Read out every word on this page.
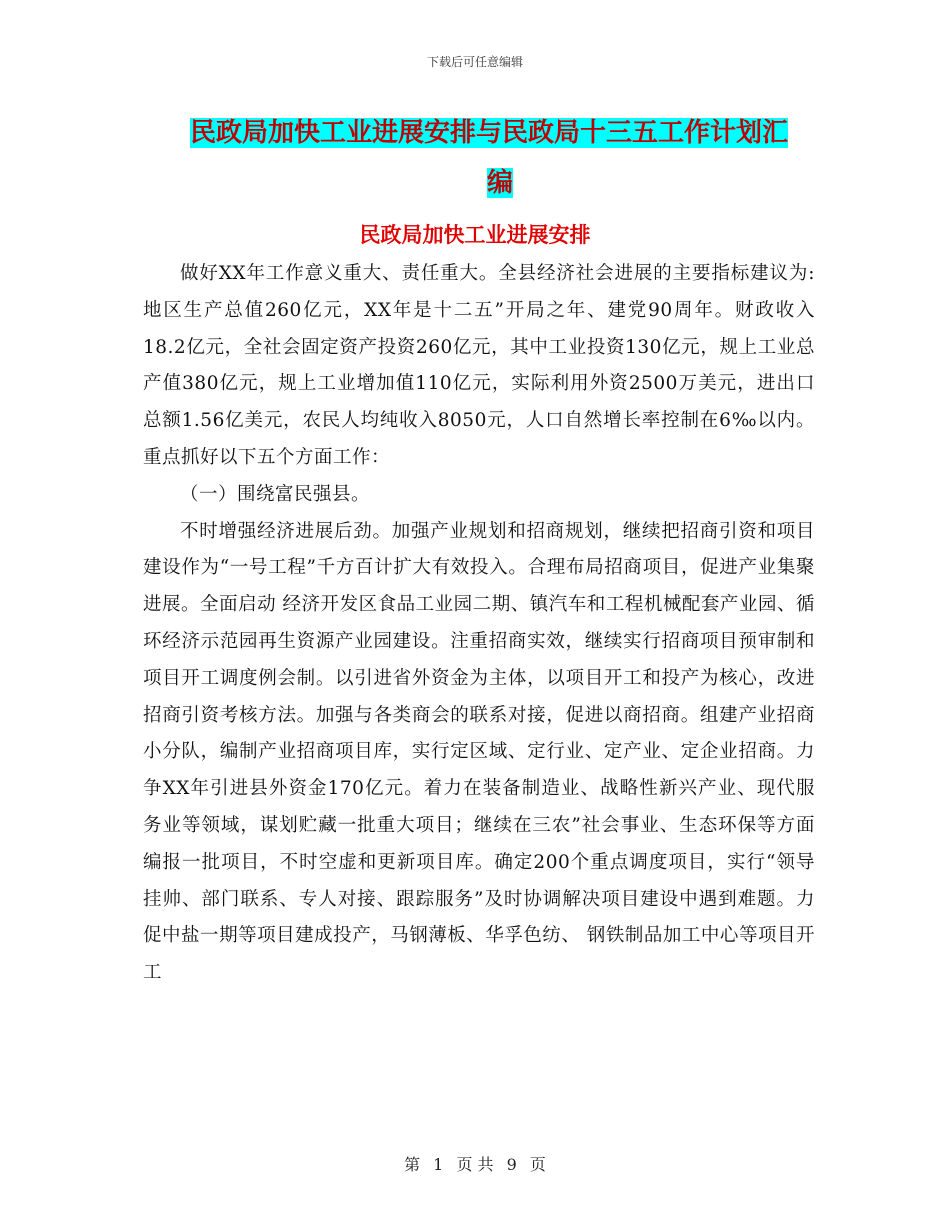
下载后可任意编辑
民政局加快工业进展安排与民政局十三五工作计划汇
编
民政局加快工业进展安排

做好XX年工作意义重大、责任重大。全县经济社会进展的主要指标建议为:地区生产总值260亿元，XX年是十二五”开局之年、建党90周年。财政收入18.2亿元，全社会固定资产投资260亿元，其中工业投资130亿元，规上工业总产值380亿元，规上工业增加值110亿元，实际利用外资2500万美元，进出口总额1.56亿美元，农民人均纯收入8050元，人口自然增长率控制在6‰以内。重点抓好以下五个方面工作：

（一）围绕富民强县。

不时增强经济进展后劲。加强产业规划和招商规划，继续把招商引资和项目建设作为“一号工程”千方百计扩大有效投入。合理布局招商项目，促进产业集聚进展。全面启动 经济开发区食品工业园二期、镇汽车和工程机械配套产业园、循环经济示范园再生资源产业园建设。注重招商实效，继续实行招商项目预审制和项目开工调度例会制。以引进省外资金为主体，以项目开工和投产为核心，改进招商引资考核方法。加强与各类商会的联系对接，促进以商招商。组建产业招商小分队，编制产业招商项目库，实行定区域、定行业、定产业、定企业招商。力争XX年引进县外资金170亿元。着力在装备制造业、战略性新兴产业、现代服务业等领域，谋划贮藏一批重大项目；继续在三农”社会事业、生态环保等方面编报一批项目，不时空虚和更新项目库。确定200个重点调度项目，实行“领导挂帅、部门联系、专人对接、跟踪服务”及时协调解决项目建设中遇到难题。力促中盐一期等项目建成投产，马钢薄板、华孚色纺、 钢铁制品加工中心等项目开工

第 1 页 共 9 页
